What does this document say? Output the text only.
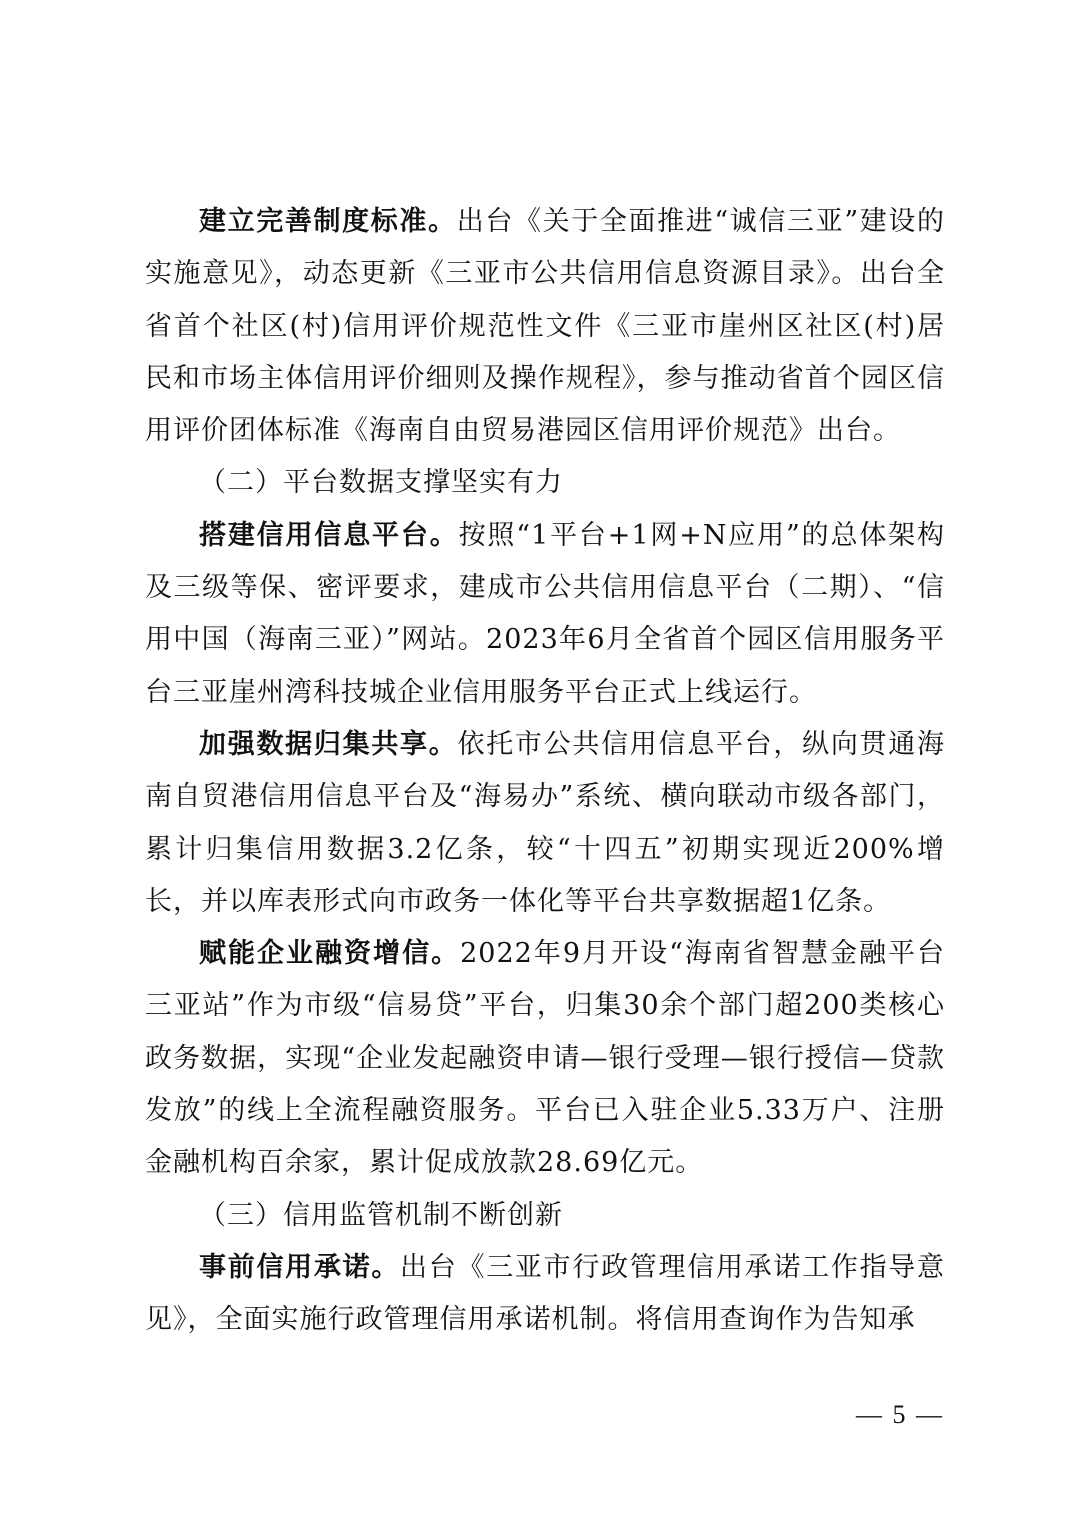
建立完善制度标准。出台《关于全面推进“诚信三亚”建设的实施意见》，动态更新《三亚市公共信用信息资源目录》。出台全省首个社区(村)信用评价规范性文件《三亚市崖州区社区(村)居民和市场主体信用评价细则及操作规程》，参与推动省首个园区信用评价团体标准《海南自由贸易港园区信用评价规范》出台。

（二）平台数据支撑坚实有力

搭建信用信息平台。按照“1平台+1网+N应用”的总体架构及三级等保、密评要求，建成市公共信用信息平台（二期）、“信用中国（海南三亚）”网站。2023年6月全省首个园区信用服务平台三亚崖州湾科技城企业信用服务平台正式上线运行。

加强数据归集共享。依托市公共信用信息平台，纵向贯通海南自贸港信用信息平台及“海易办”系统、横向联动市级各部门，累计归集信用数据3.2亿条，较“十四五”初期实现近200%增长，并以库表形式向市政务一体化等平台共享数据超1亿条。

赋能企业融资增信。2022年9月开设“海南省智慧金融平台三亚站”作为市级“信易贷”平台，归集30余个部门超200类核心政务数据，实现“企业发起融资申请—银行受理—银行授信—贷款发放”的线上全流程融资服务。平台已入驻企业5.33万户、注册金融机构百余家，累计促成放款28.69亿元。

（三）信用监管机制不断创新

事前信用承诺。出台《三亚市行政管理信用承诺工作指导意见》，全面实施行政管理信用承诺机制。将信用查询作为告知承

— 5 —
